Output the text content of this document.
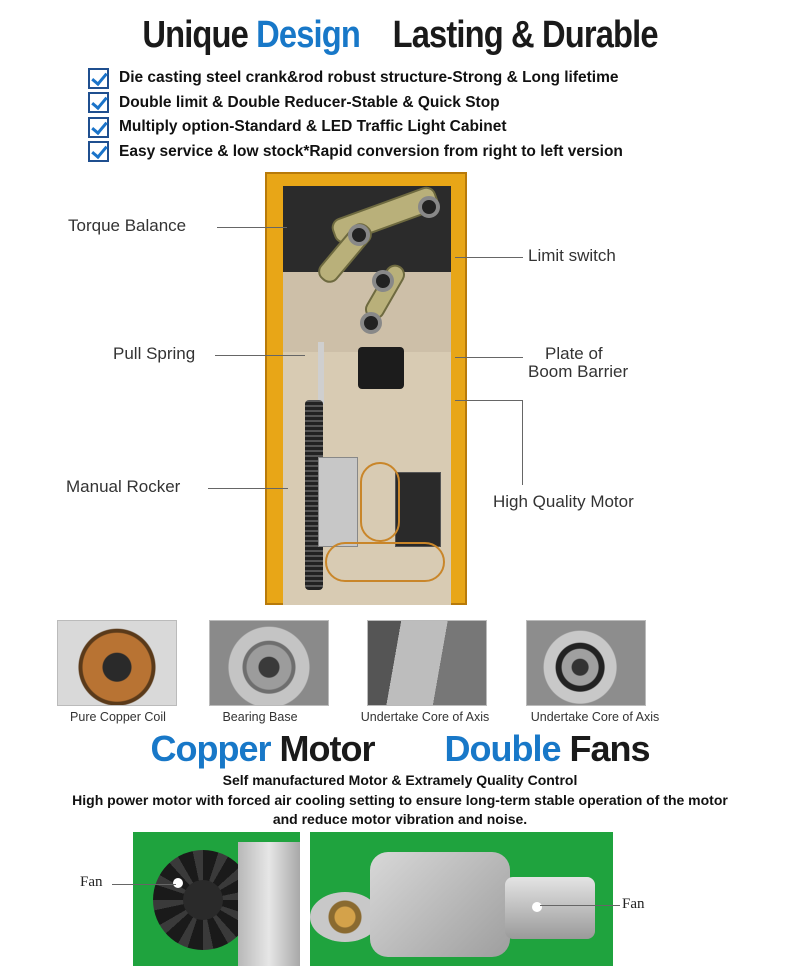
Unique Design Lasting & Durable
Die casting steel crank&rod robust structure-Strong & Long lifetime
Double limit & Double Reducer-Stable & Quick Stop
Multiply option-Standard & LED Traffic Light Cabinet
Easy service & low stock*Rapid conversion from right to left version
Torque Balance
Limit switch
Pull Spring	Plate of
Boom Barrier
Manual Rocker
High Quality Motor
Pure Copper Coil	Bearing Base	Undertake Core of Axis	Undertake Core of Axis
Copper Motor Double Fans
Self manufactured Motor & Extramely Quality Control
High power motor with forced air cooling setting to ensure long-term stable operation of the motor
and reduce motor vibration and noise.
Fan
Fan
